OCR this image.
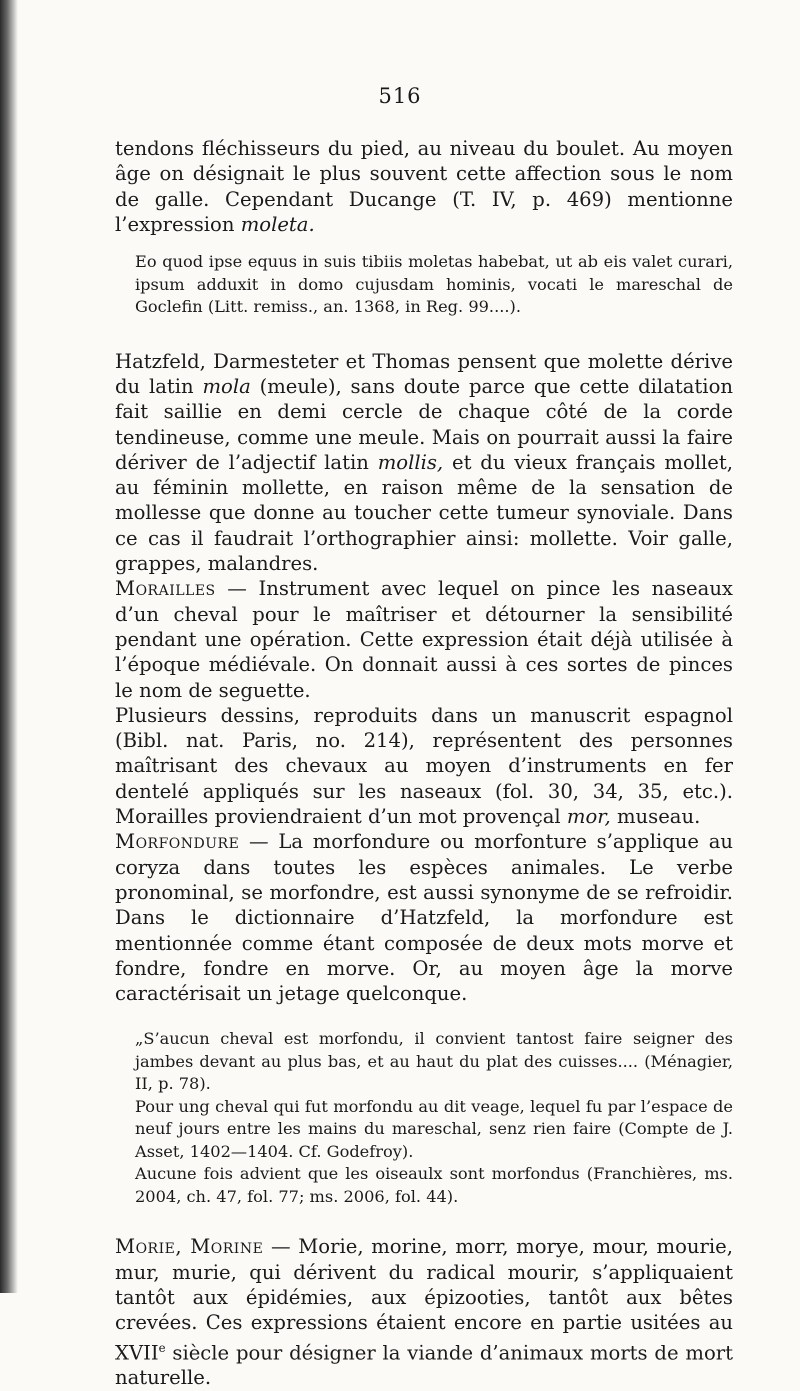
516

tendons fléchisseurs du pied, au niveau du boulet. Au moyen âge on désignait le plus souvent cette affection sous le nom de galle. Cependant Ducange (T. IV, p. 469) mentionne l’expression moleta.

Eo quod ipse equus in suis tibiis moletas habebat, ut ab eis valet curari, ipsum adduxit in domo cujusdam hominis, vocati le mareschal de Goclefin (Litt. remiss., an. 1368, in Reg. 99....).

Hatzfeld, Darmesteter et Thomas pensent que molette dérive du latin mola (meule), sans doute parce que cette dilatation fait saillie en demi cercle de chaque côté de la corde tendineuse, comme une meule. Mais on pourrait aussi la faire dériver de l’adjectif latin mollis, et du vieux français mollet, au féminin mollette, en raison même de la sensation de mollesse que donne au toucher cette tumeur synoviale. Dans ce cas il faudrait l’orthographier ainsi: mollette. Voir galle, grappes, malandres.

Morailles — Instrument avec lequel on pince les naseaux d’un cheval pour le maîtriser et détourner la sensibilité pendant une opération. Cette expression était déjà utilisée à l’époque médiévale. On donnait aussi à ces sortes de pinces le nom de seguette.

Plusieurs dessins, reproduits dans un manuscrit espagnol (Bibl. nat. Paris, no. 214), représentent des personnes maîtrisant des chevaux au moyen d’instruments en fer dentelé appliqués sur les naseaux (fol. 30, 34, 35, etc.). Morailles proviendraient d’un mot provençal mor, museau.

Morfondure — La morfondure ou morfonture s’applique au coryza dans toutes les espèces animales. Le verbe pronominal, se morfondre, est aussi synonyme de se refroidir. Dans le dictionnaire d’Hatzfeld, la morfondure est mentionnée comme étant composée de deux mots morve et fondre, fondre en morve. Or, au moyen âge la morve caractérisait un jetage quelconque.

„S’aucun cheval est morfondu, il convient tantost faire seigner des jambes devant au plus bas, et au haut du plat des cuisses.... (Ménagier, II, p. 78).

Pour ung cheval qui fut morfondu au dit veage, lequel fu par l’espace de neuf jours entre les mains du mareschal, senz rien faire (Compte de J. Asset, 1402—1404. Cf. Godefroy).

Aucune fois advient que les oiseaulx sont morfondus (Franchières, ms. 2004, ch. 47, fol. 77; ms. 2006, fol. 44).

Morie, Morine — Morie, morine, morr, morye, mour, mourie, mur, murie, qui dérivent du radical mourir, s’appliquaient tantôt aux épidémies, aux épizooties, tantôt aux bêtes crevées. Ces expressions étaient encore en partie usitées au XVIIe siècle pour désigner la viande d’animaux morts de mort naturelle.
